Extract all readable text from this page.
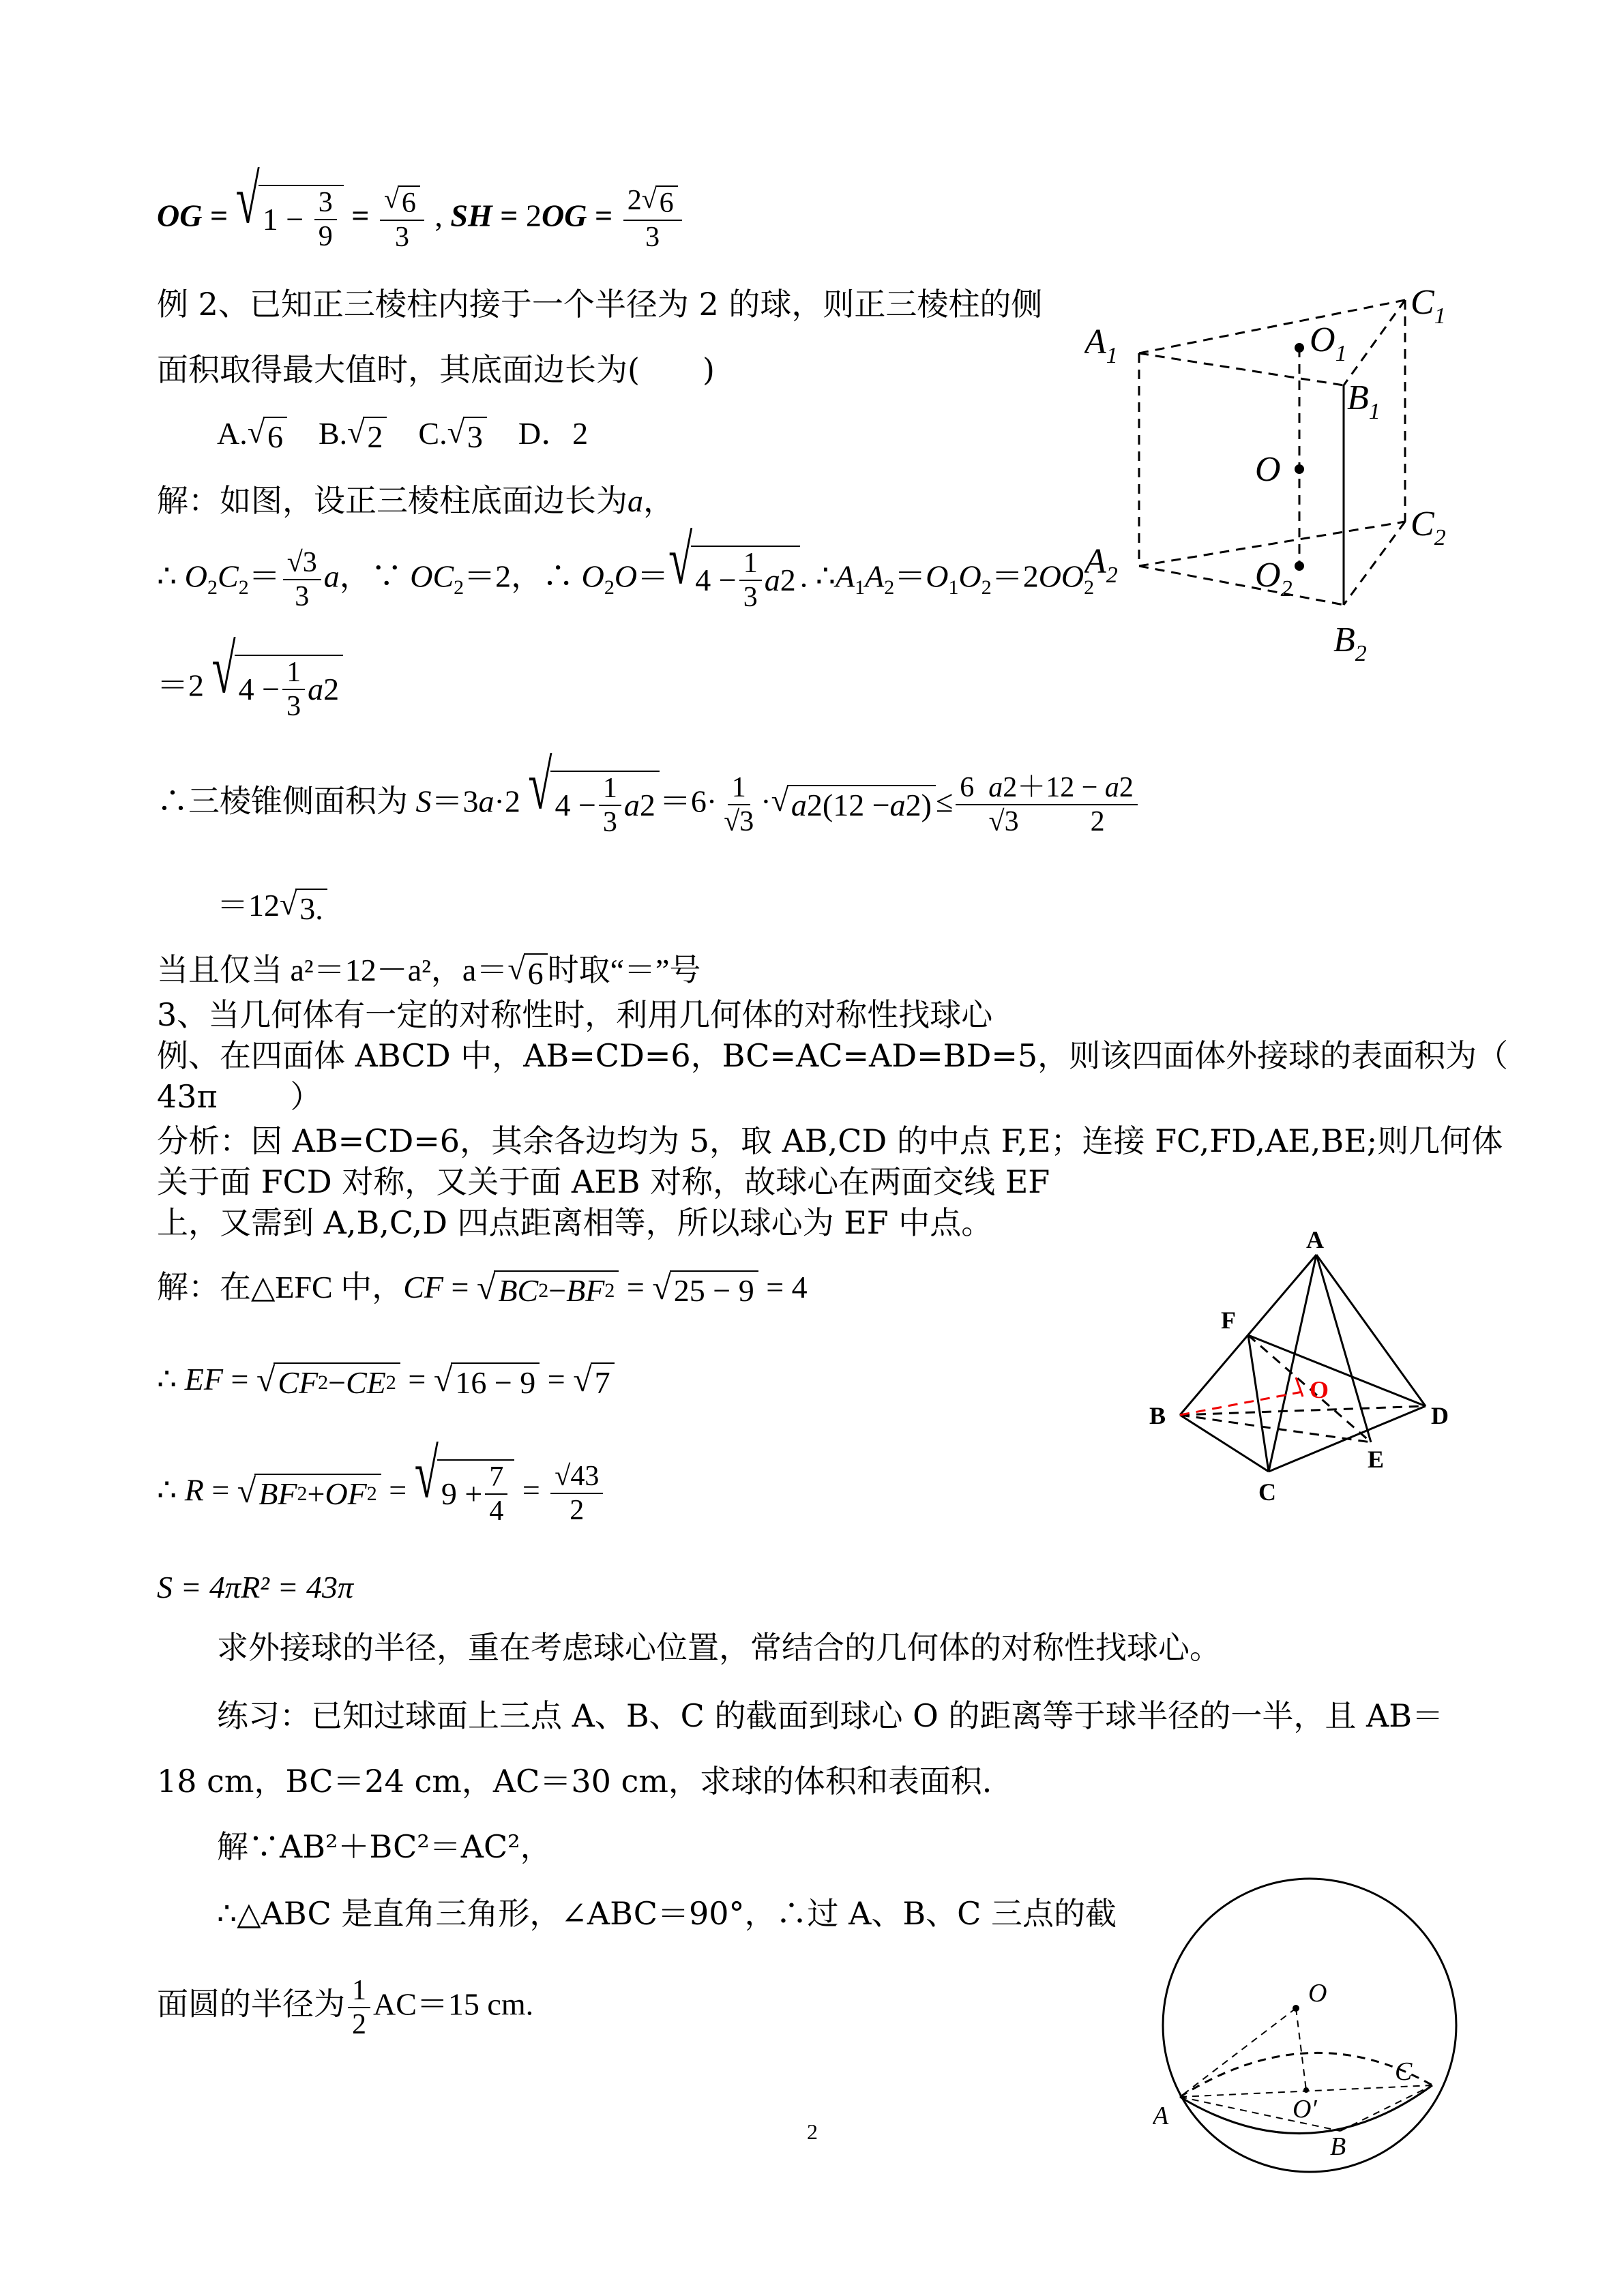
OG = √ $1 - \frac{3}{9} = \frac{√ 6}{3}$ , SH = $2OG = \frac{2 √ 6}{3}$
例 2、已知正三棱柱内接于一个半径为 2 的球，则正三棱柱的侧
面积取得最大值时，其底面边长为(　　)
A. √ 6 B. √ 2 C. √ 3 D．2
解：如图，设正三棱柱底面边长为a，
∴ $O_2C_2= \frac{√3}{3}$ a，∵ $OC_2=2$，∴ $O_2O=$ √ $4 - \frac{1}{3}$ a 2 . $\therefore A_1A_2=O_1O_2=2OO_2$
＝2 √ $4 - \frac{1}{3}$ a 2
∴三棱锥侧面积为 S＝3a·2 √ $4 - \frac{1}{3}$ a $2 =6\cdot \frac{1}{√3}$ · √ a 2(12 − a $2) \le \frac{6 a2+12 - a2}{√3 2}$
＝12 √ 3.
当且仅当 a²＝12－a²，a＝ √ 6 时取“＝”号
$A_1$
$C_1$
$O_1$
$B_1$
O
$C_2$
$A_2$	$O_2$
$B_2$
3、当几何体有一定的对称性时，利用几何体的对称性找球心
例、在四面体 ABCD 中，AB=CD=6，BC=AC=AD=BD=5，则该四面体外接球的表面积为（
43π　　 ）
分析：因 AB=CD=6，其余各边均为 5，取 AB,CD 的中点 F,E；连接 FC,FD,AE,BE;则几何体
关于面 FCD 对称，又关于面 AEB 对称，故球心在两面交线 EF
上，又需到 A,B,C,D 四点距离相等，所以球心为 EF 中点。
解：在△EFC 中，CF = √ BC 2 − BF 2 = √ 25 − 9 = 4
∴ EF = √ CF 2 − CE 2 = √ 16 − 9 = √ 7
∴ R = √ BF 2 + OF 2 = √ $9 + \frac{7}{4} = \frac{√43}{2}$
S = 4πR² = 43π
A
F
B	D
O
E
C
求外接球的半径，重在考虑球心位置，常结合的几何体的对称性找球心。
练习：已知过球面上三点 A、B、C 的截面到球心 O 的距离等于球半径的一半，且 AB＝
18 cm，BC＝24 cm，AC＝30 cm，求球的体积和表面积．
解∵AB²＋BC²＝AC²，
∴△ABC 是直角三角形，∠ABC＝90°，∴过 A、B、C 三点的截
面圆的半径为 $\frac{1}{2} AC=15$ cm.	O
C
O′
A
B
2
